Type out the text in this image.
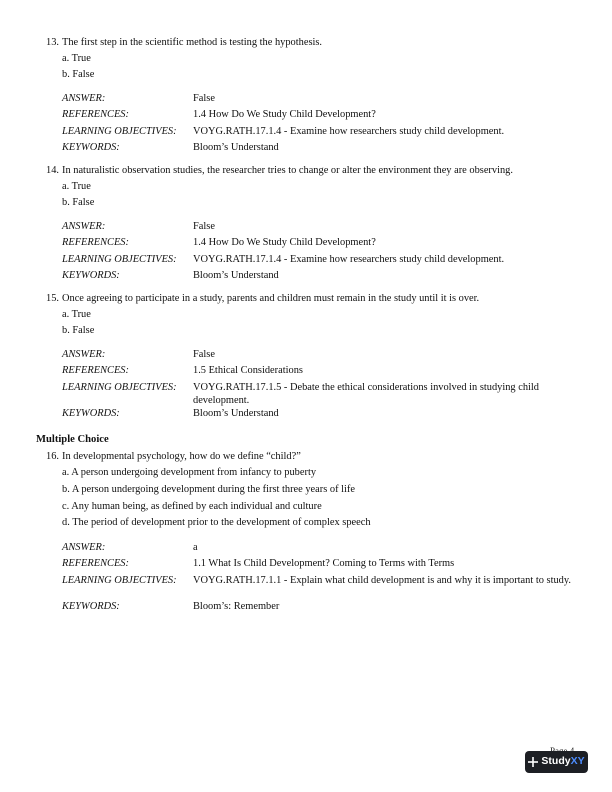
13. The first step in the scientific method is testing the hypothesis.
a. True
b. False
ANSWER:	False
REFERENCES:	1.4 How Do We Study Child Development?
LEARNING OBJECTIVES: VOYG.RATH.17.1.4 - Examine how researchers study child development.
KEYWORDS:	Bloom’s Understand
14. In naturalistic observation studies, the researcher tries to change or alter the environment they are observing.
a. True
b. False
ANSWER:	False
REFERENCES:	1.4 How Do We Study Child Development?
LEARNING OBJECTIVES: VOYG.RATH.17.1.4 - Examine how researchers study child development.
KEYWORDS:	Bloom’s Understand
15. Once agreeing to participate in a study, parents and children must remain in the study until it is over.
a. True
b. False
ANSWER:	False
REFERENCES:	1.5 Ethical Considerations
LEARNING OBJECTIVES: VOYG.RATH.17.1.5 - Debate the ethical considerations involved in studying child development.
KEYWORDS:	Bloom’s Understand
Multiple Choice
16. In developmental psychology, how do we define “child?”
a. A person undergoing development from infancy to puberty
b. A person undergoing development during the first three years of life
c. Any human being, as defined by each individual and culture
d. The period of development prior to the development of complex speech
ANSWER:	a
REFERENCES:	1.1 What Is Child Development? Coming to Terms with Terms
LEARNING OBJECTIVES: VOYG.RATH.17.1.1 - Explain what child development is and why it is important to study.
KEYWORDS:	Bloom’s: Remember
StudyXY
